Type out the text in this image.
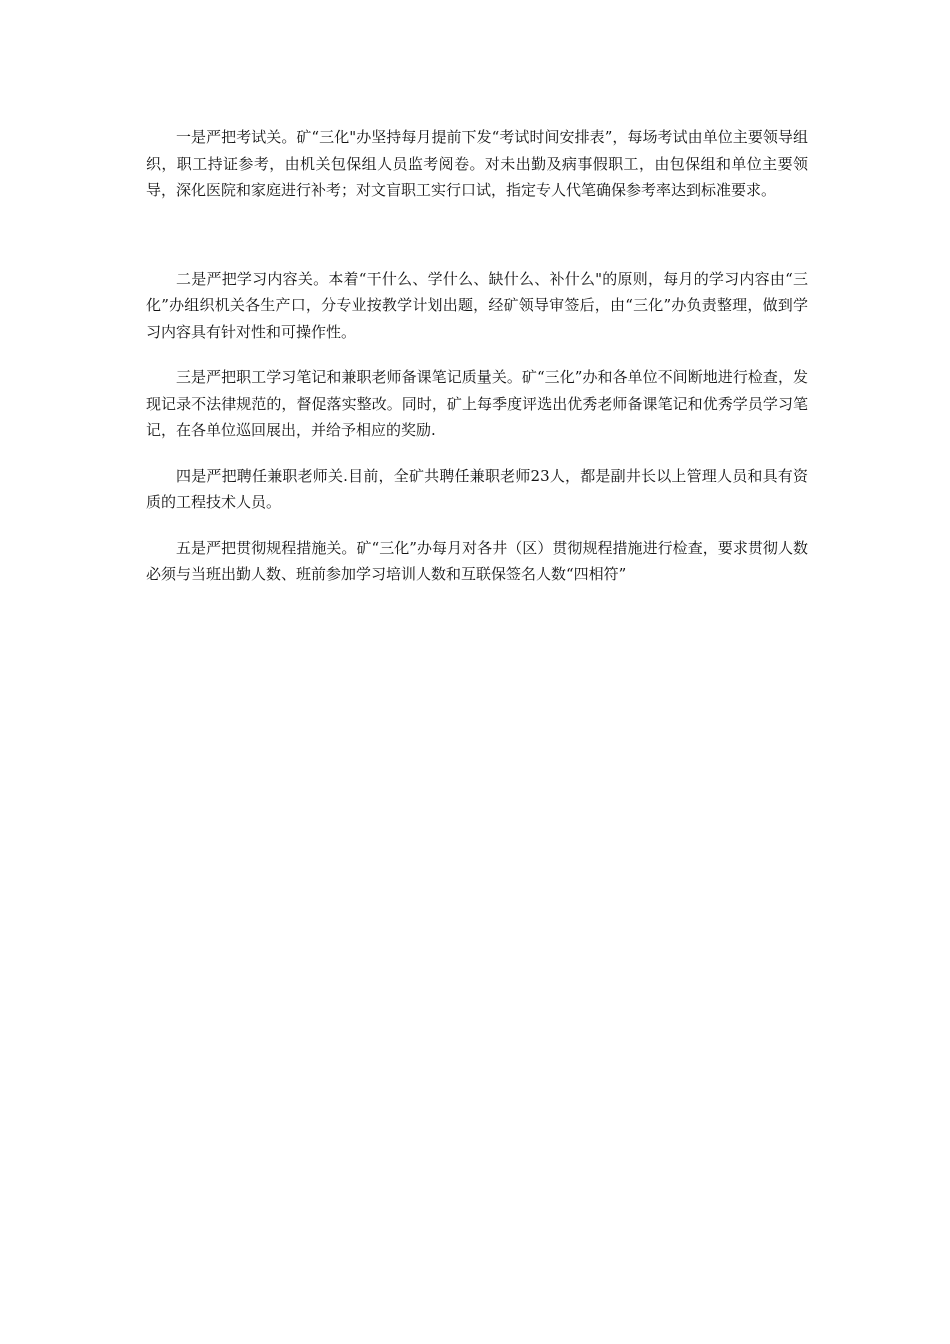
一是严把考试关。矿“三化"办坚持每月提前下发“考试时间安排表”，每场考试由单位主要领导组织，职工持证参考，由机关包保组人员监考阅卷。对未出勤及病事假职工，由包保组和单位主要领导，深化医院和家庭进行补考；对文盲职工实行口试，指定专人代笔确保参考率达到标准要求。

二是严把学习内容关。本着“干什么、学什么、缺什么、补什么"的原则，每月的学习内容由“三化”办组织机关各生产口，分专业按教学计划出题，经矿领导审签后，由“三化”办负责整理，做到学习内容具有针对性和可操作性。

三是严把职工学习笔记和兼职老师备课笔记质量关。矿“三化”办和各单位不间断地进行检查，发现记录不法律规范的，督促落实整改。同时，矿上每季度评选出优秀老师备课笔记和优秀学员学习笔记，在各单位巡回展出，并给予相应的奖励.

四是严把聘任兼职老师关.目前，全矿共聘任兼职老师23人，都是副井长以上管理人员和具有资质的工程技术人员。

五是严把贯彻规程措施关。矿“三化”办每月对各井（区）贯彻规程措施进行检查，要求贯彻人数必须与当班出勤人数、班前参加学习培训人数和互联保签名人数“四相符”
